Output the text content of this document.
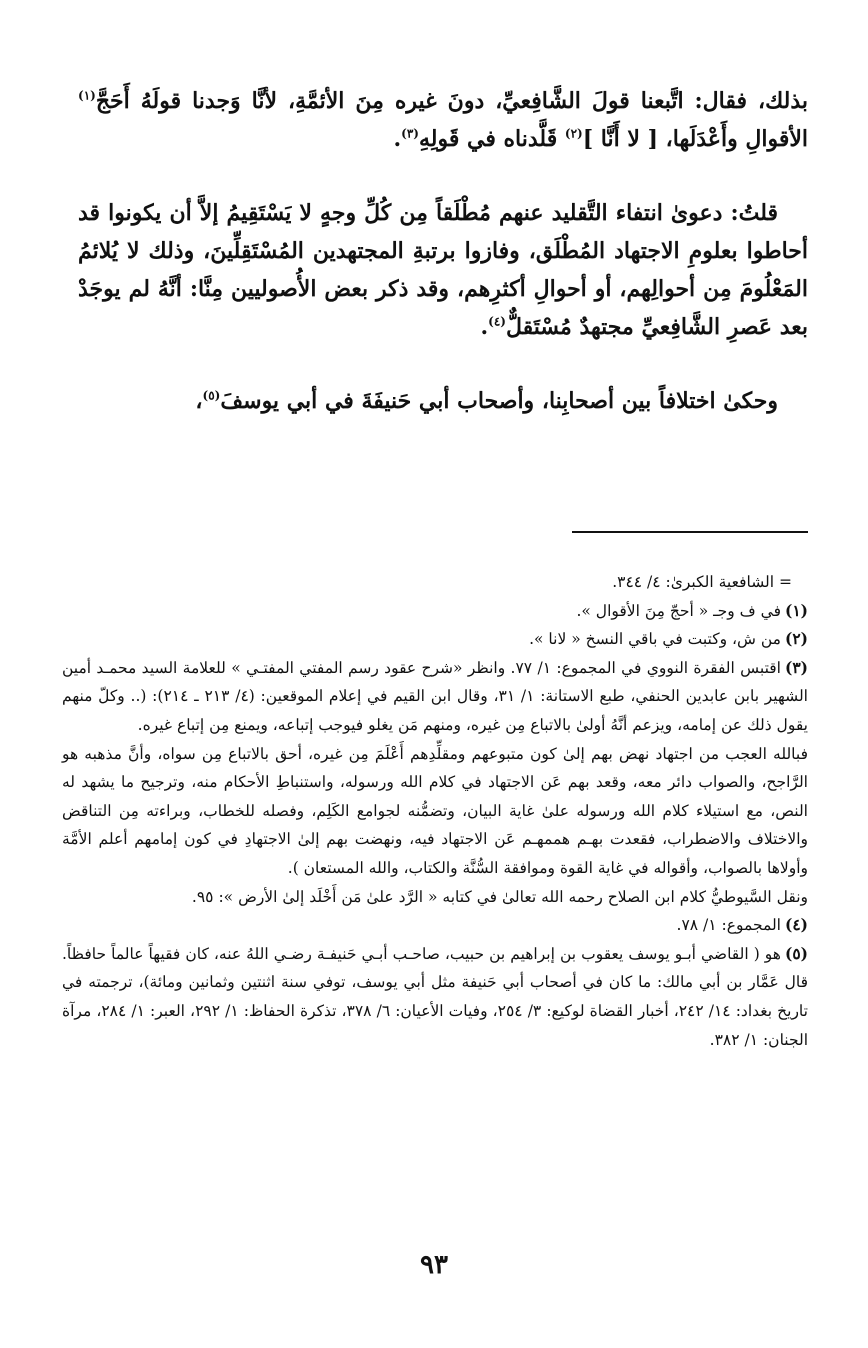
بذلك، فقال: اتَّبعنا قولَ الشَّافِعيِّ، دونَ غيره مِنَ الأئمَّةِ، لأنَّا وَجدنا قولَهُ أَحَجَّ$^{(١)}$ الأقوالِ وأَعْدَلَها، [ لا أَنَّا ]$^{(٢)}$ قَلَّدناه في قَولِهِ$^{(٣)}$.

قلتُ: دعوىٰ انتفاء التَّقليد عنهم مُطْلَقاً مِن كُلِّ وجهٍ لا يَسْتَقِيمُ إلاَّ أن يكونوا قد أحاطوا بعلومِ الاجتهاد المُطْلَق، وفازوا برتبةِ المجتهدين المُسْتَقِلِّينَ، وذلك لا يُلائمُ المَعْلُومَ مِن أحوالِهم، أو أحوالِ أكثرِهم، وقد ذكر بعض الأُصوليين مِنَّا: أنَّهُ لم يوجَدْ بعد عَصرِ الشَّافِعيِّ مجتهدٌ مُسْتَقلٌّ$^{(٤)}$.

وحكىٰ اختلافاً بين أصحابِنا، وأصحاب أبي حَنيفَةَ في أبي يوسفَ$^{(٥)}$،

= الشافعية الكبرىٰ: ٤/ ٣٤٤.

(١)في ف وجـ « أحجّ مِنَ الأقوال ».

(٢)من ش، وكتبت في باقي النسخ « لانا ».

(٣)اقتبس الفقرة النووي في المجموع: ١/ ٧٧. وانظر «شرح عقود رسم المفتي المفتـي » للعلامة السيد محمـد أمين الشهير بابن عابدين الحنفي، طبع الاستانة: ١/ ٣١، وقال ابن القيم في إعلام الموقعين: (٤/ ٢١٣ ـ ٢١٤): (.. وكلّ منهم يقول ذلك عن إمامه، ويزعم أنَّهُ أولىٰ بالاتباع مِن غيره، ومنهم مَن يغلو فيوجب إتباعه، ويمنع مِن إتباع غيره.

فبالله العجب من اجتهاد نهض بهم إلىٰ كون متبوعهم ومقلِّدِهم أَعْلَمَ مِن غيره، أحق بالاتباع مِن سواه، وأنَّ مذهبه هو الرَّاجح، والصواب دائر معه، وقعد بهم عَن الاجتهاد في كلام الله ورسوله، واستنباطِ الأحكام منه، وترجيح ما يشهد له النص، مع استيلاء كلام الله ورسوله علىٰ غاية البيان، وتضمُّنه لجوامع الكَلِم، وفصله للخطاب، وبراءته مِن التناقض والاختلاف والاضطراب، فقعدت بهـم هممهـم عَن الاجتهاد فيه، ونهضت بهم إلىٰ الاجتهادِ في كون إمامهم أعلم الأمَّة وأولاها بالصواب، وأقواله في غاية القوة وموافقة السُّنَّة والكتاب، والله المستعان ).

ونقل السَّيوطيُّ كلام ابن الصلاح رحمه الله تعالىٰ في كتابه « الرَّد علىٰ مَن أَخْلَد إلىٰ الأرض »: ٩٥.

(٤)المجموع: ١/ ٧٨.

(٥)هو ( القاضي أبـو يوسف يعقوب بن إبراهيم بن حبيب، صاحـب أبـي حَنيفـة رضـي اللهُ عنه، كان فقيهاً عالماً حافظاً. قال عَمَّار بن أبي مالك: ما كان في أصحاب أبي حَنيفة مثل أبي يوسف، توفي سنة اثنتين وثمانين ومائة)، ترجمته في تاريخ بغداد: ١٤/ ٢٤٢، أخبار القضاة لوكيع: ٣/ ٢٥٤، وفيات الأعيان: ٦/ ٣٧٨، تذكرة الحفاظ: ١/ ٢٩٢، العبر: ١/ ٢٨٤، مرآة الجنان: ١/ ٣٨٢.

٩٣
